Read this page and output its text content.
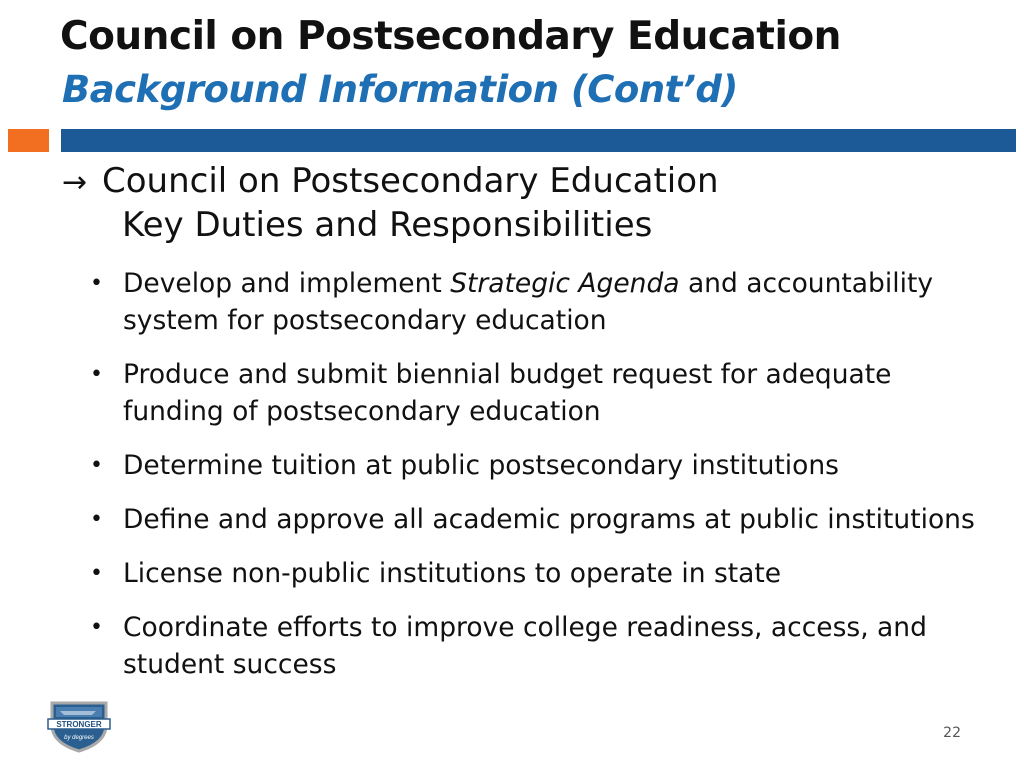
Council on Postsecondary Education
Background Information (Cont’d)
→ Council on Postsecondary Education
Key Duties and Responsibilities
• Develop and implement Strategic Agenda and accountability system for postsecondary education
• Produce and submit biennial budget request for adequate funding of postsecondary education
• Determine tuition at public postsecondary institutions
• Define and approve all academic programs at public institutions
• License non-public institutions to operate in state
• Coordinate efforts to improve college readiness, access, and student success
STRONGER
by degrees	22
